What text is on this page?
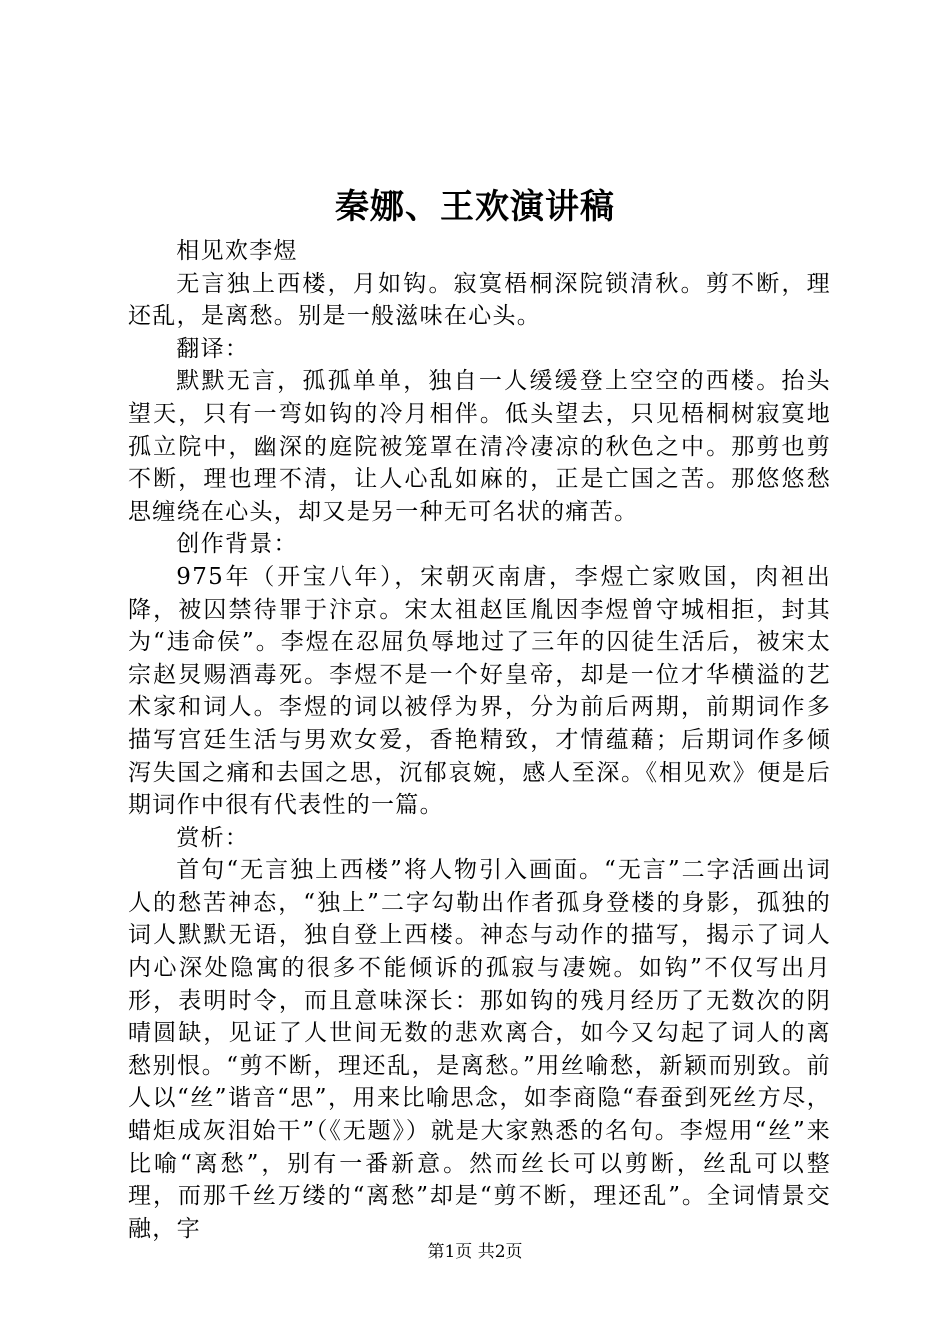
秦娜、王欢演讲稿

相见欢李煜

无言独上西楼，月如钩。寂寞梧桐深院锁清秋。剪不断，理还乱，是离愁。别是一般滋味在心头。

翻译：

默默无言，孤孤单单，独自一人缓缓登上空空的西楼。抬头望天，只有一弯如钩的冷月相伴。低头望去，只见梧桐树寂寞地孤立院中，幽深的庭院被笼罩在清冷凄凉的秋色之中。那剪也剪不断，理也理不清，让人心乱如麻的，正是亡国之苦。那悠悠愁思缠绕在心头，却又是另一种无可名状的痛苦。

创作背景：

975年（开宝八年），宋朝灭南唐，李煜亡家败国，肉袒出降，被囚禁待罪于汴京。宋太祖赵匡胤因李煜曾守城相拒，封其为“违命侯”。李煜在忍屈负辱地过了三年的囚徒生活后，被宋太宗赵炅赐酒毒死。李煜不是一个好皇帝，却是一位才华横溢的艺术家和词人。李煜的词以被俘为界，分为前后两期，前期词作多描写宫廷生活与男欢女爱，香艳精致，才情蕴藉；后期词作多倾泻失国之痛和去国之思，沉郁哀婉，感人至深。《相见欢》便是后期词作中很有代表性的一篇。

赏析：

首句“无言独上西楼”将人物引入画面。“无言”二字活画出词人的愁苦神态，“独上”二字勾勒出作者孤身登楼的身影，孤独的词人默默无语，独自登上西楼。神态与动作的描写，揭示了词人内心深处隐寓的很多不能倾诉的孤寂与凄婉。如钩”不仅写出月形，表明时令，而且意味深长：那如钩的残月经历了无数次的阴晴圆缺，见证了人世间无数的悲欢离合，如今又勾起了词人的离愁别恨。“剪不断，理还乱，是离愁。”用丝喻愁，新颖而别致。前人以“丝”谐音“思”，用来比喻思念，如李商隐“春蚕到死丝方尽，蜡炬成灰泪始干”（《无题》）就是大家熟悉的名句。李煜用“丝”来比喻“离愁”，别有一番新意。然而丝长可以剪断，丝乱可以整理，而那千丝万缕的“离愁”却是“剪不断，理还乱”。全词情景交融，字

第1页 共2页
